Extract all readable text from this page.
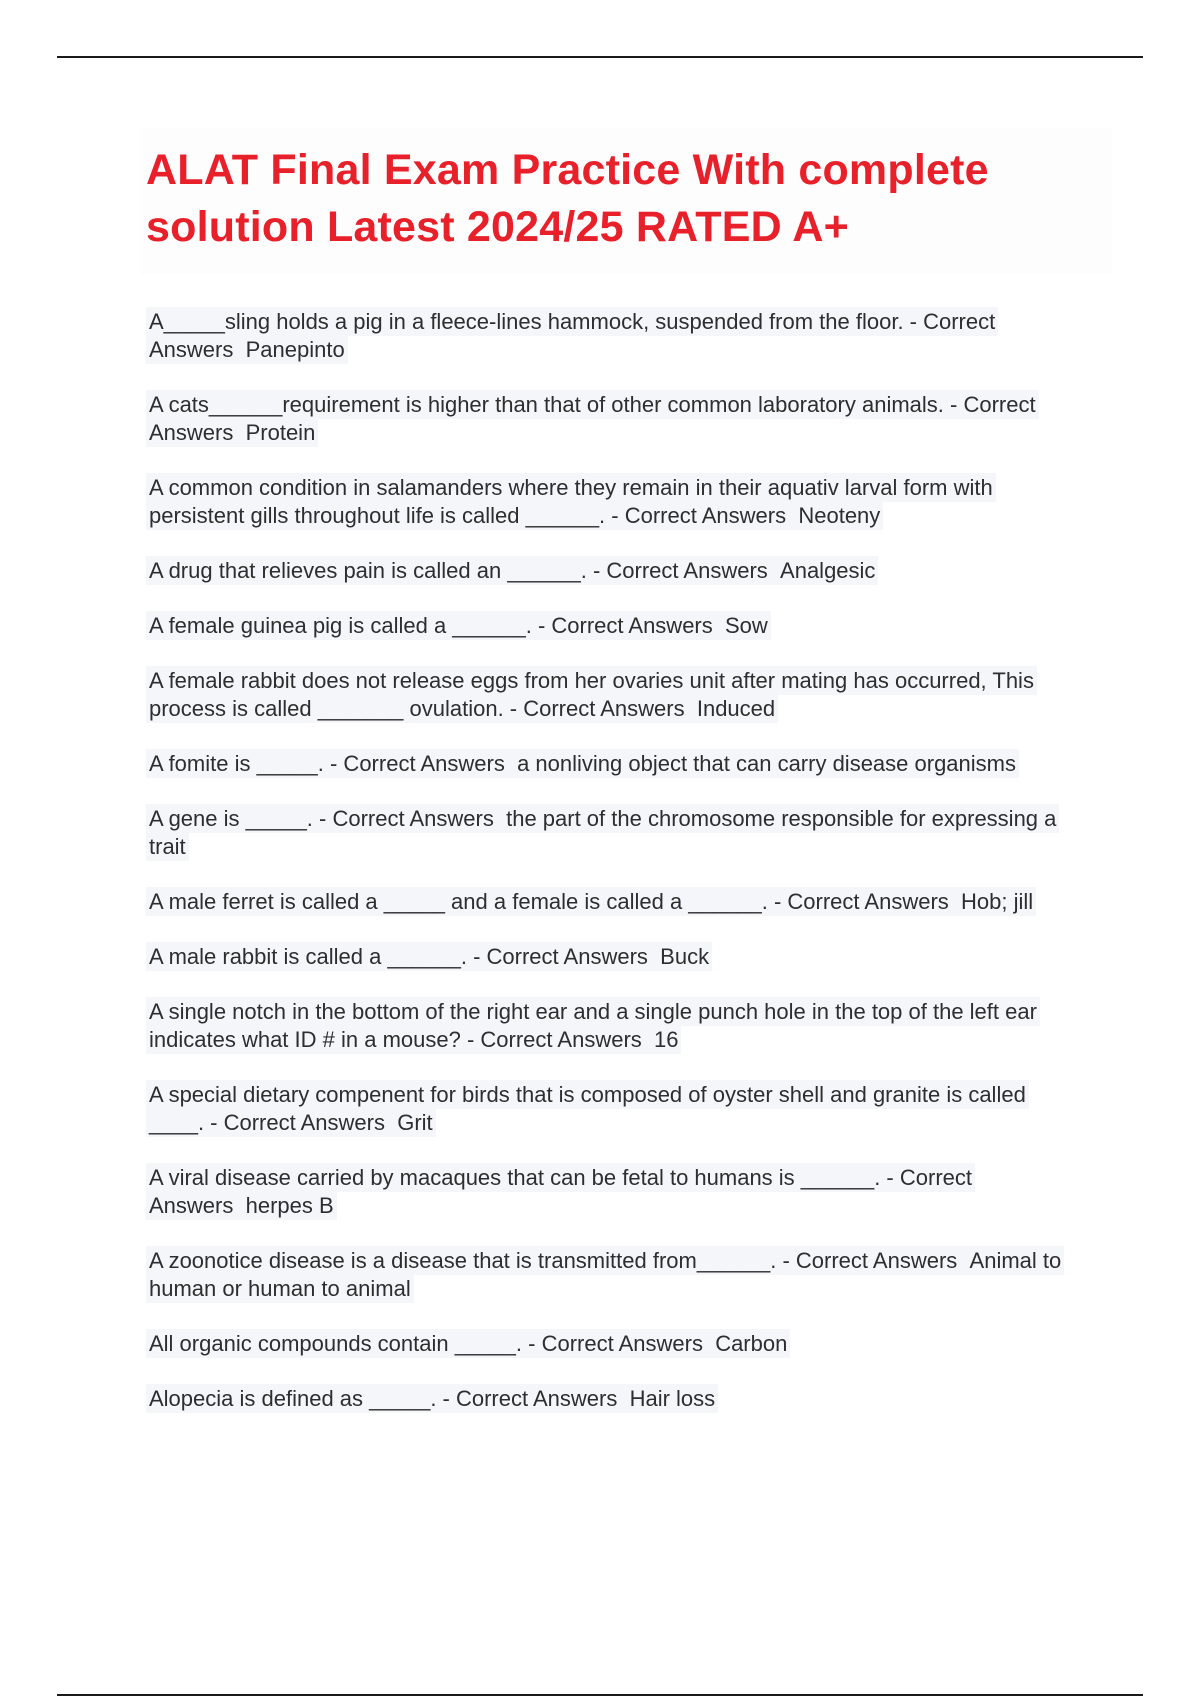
ALAT Final Exam Practice With complete solution Latest 2024/25 RATED A+
A_____sling holds a pig in a fleece-lines hammock, suspended from the floor. - Correct Answers Panepinto
A cats______requirement is higher than that of other common laboratory animals. - Correct Answers Protein
A common condition in salamanders where they remain in their aquativ larval form with persistent gills throughout life is called ______. - Correct Answers Neoteny
A drug that relieves pain is called an ______. - Correct Answers Analgesic
A female guinea pig is called a ______. - Correct Answers Sow
A female rabbit does not release eggs from her ovaries unit after mating has occurred, This process is called _______ ovulation. - Correct Answers Induced
A fomite is _____. - Correct Answers a nonliving object that can carry disease organisms
A gene is _____. - Correct Answers the part of the chromosome responsible for expressing a trait
A male ferret is called a _____ and a female is called a ______. - Correct Answers Hob; jill
A male rabbit is called a ______. - Correct Answers Buck
A single notch in the bottom of the right ear and a single punch hole in the top of the left ear indicates what ID # in a mouse? - Correct Answers 16
A special dietary compenent for birds that is composed of oyster shell and granite is called ____. - Correct Answers Grit
A viral disease carried by macaques that can be fetal to humans is ______. - Correct Answers herpes B
A zoonotice disease is a disease that is transmitted from______. - Correct Answers Animal to human or human to animal
All organic compounds contain _____. - Correct Answers Carbon
Alopecia is defined as _____. - Correct Answers Hair loss
